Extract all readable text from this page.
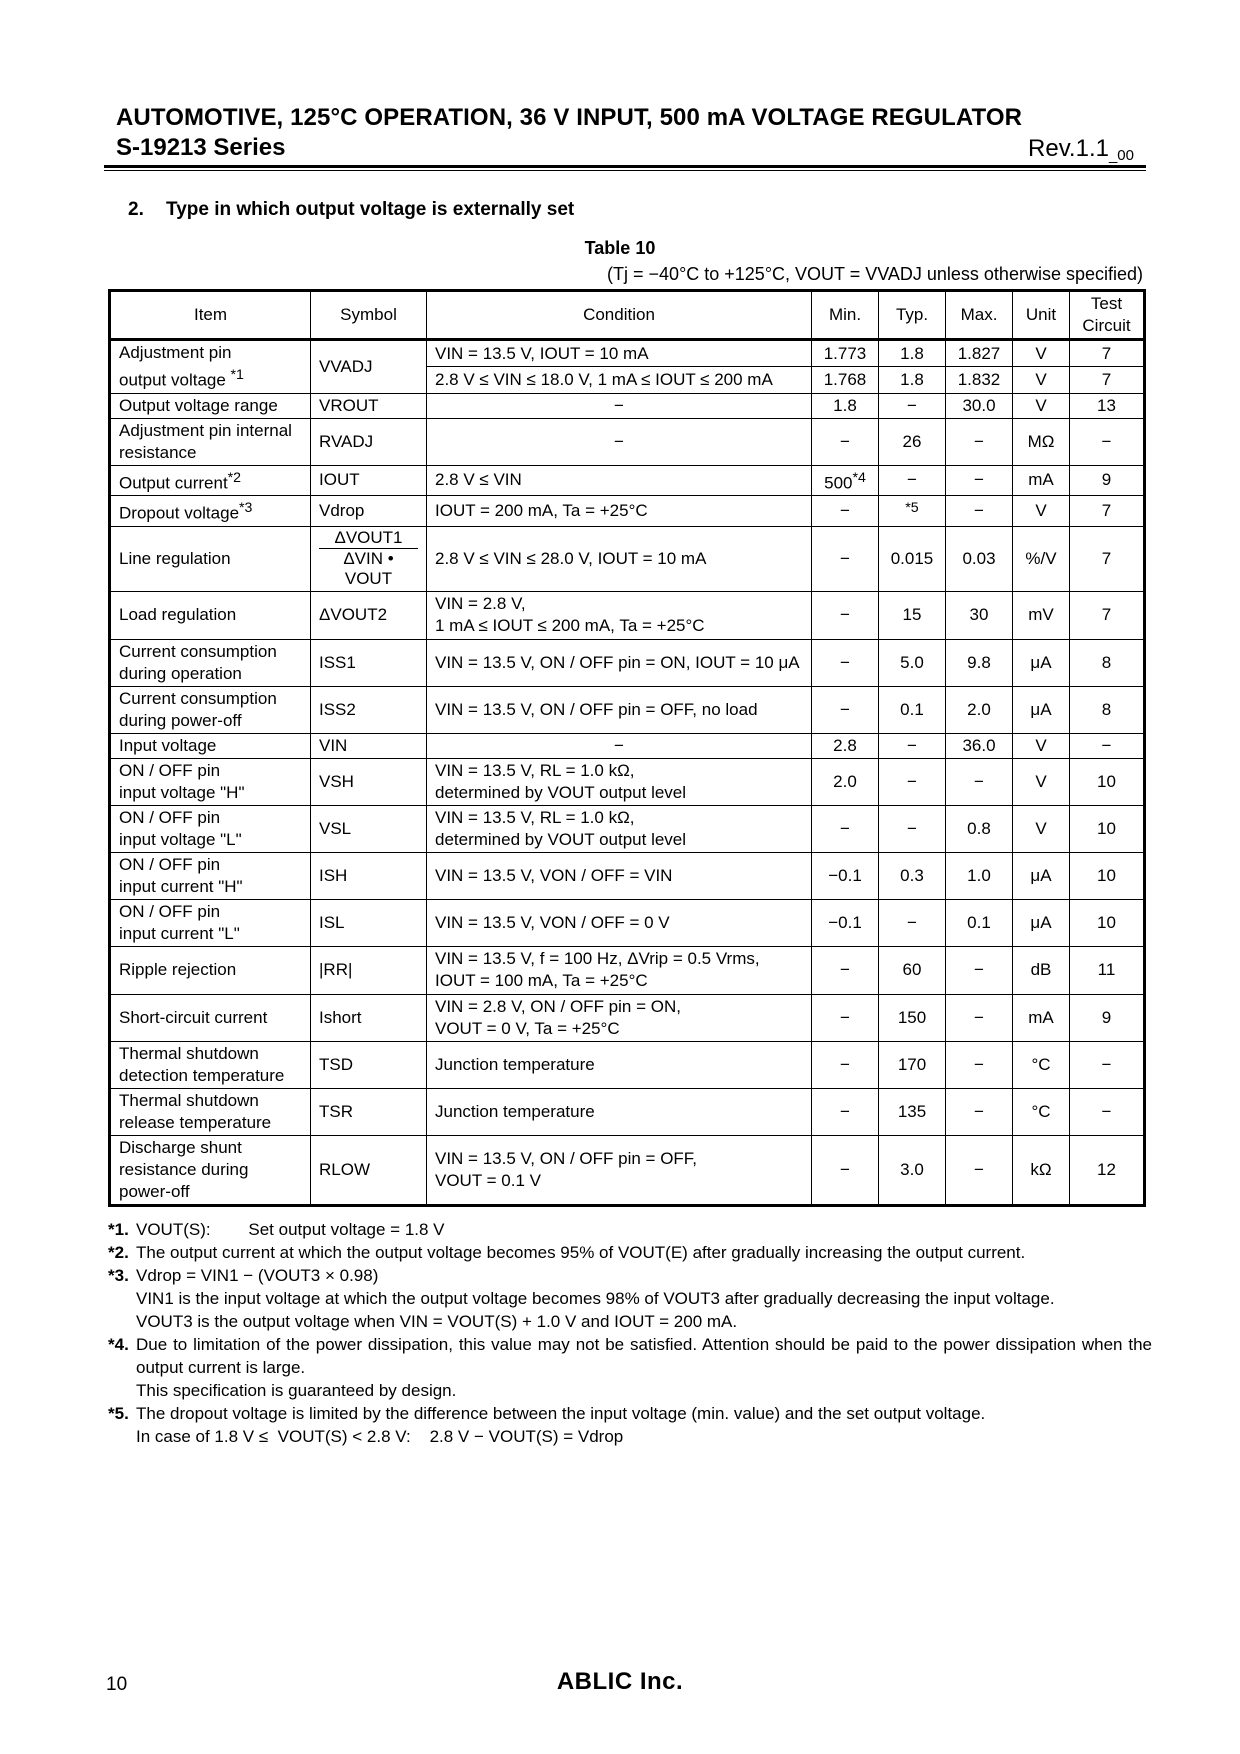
AUTOMOTIVE, 125°C OPERATION, 36 V INPUT, 500 mA VOLTAGE REGULATOR
S-19213 Series	$Rev.1.1_{\_00}$
2. Type in which output voltage is externally set
Table 10
(Tj = −40°C to +125°C, VOUT = VVADJ unless otherwise specified)
Item	Symbol	Condition	Min.	Typ.	Max.	Unit	Test
Circuit
Adjustment pin
output voltage $^{*1}$	VVADJ	VIN = 13.5 V, IOUT = 10 mA	1.773	1.8	1.827	V	7
		2.8 V ≤ VIN ≤ 18.0 V, 1 mA ≤ IOUT ≤ 200 mA	1.768	1.8	1.832	V	7
Output voltage range	VROUT	−	1.8	−	30.0	V	13
Adjustment pin internal
resistance	RVADJ	−	−	26	−	MΩ	−
Output current$^{*2}$	IOUT	2.8 V ≤ VIN	$500^{*4}$	−	−	mA	9
Dropout voltage$^{*3}$	Vdrop	IOUT = 200 mA, Ta = +25°C	−	$^{*5}$	−	V	7
Line regulation	$\frac{\text{ΔVOUT1}}{\text{ΔVIN • VOUT}}$	2.8 V ≤ VIN ≤ 28.0 V, IOUT = 10 mA	−	0.015	0.03	%/V	7
Load regulation	ΔVOUT2	VIN = 2.8 V,
1 mA ≤ IOUT ≤ 200 mA, Ta = +25°C	−	15	30	mV	7
Current consumption
during operation	ISS1	VIN = 13.5 V, ON / OFF pin = ON, IOUT = 10 μA	−	5.0	9.8	μA	8
Current consumption
during power-off	ISS2	VIN = 13.5 V, ON / OFF pin = OFF, no load	−	0.1	2.0	μA	8
Input voltage	VIN	−	2.8	−	36.0	V	−
ON / OFF pin
input voltage "H"	VSH	VIN = 13.5 V, RL = 1.0 kΩ,
determined by VOUT output level	2.0	−	−	V	10
ON / OFF pin
input voltage "L"	VSL	VIN = 13.5 V, RL = 1.0 kΩ,
determined by VOUT output level	−	−	0.8	V	10
ON / OFF pin
input current "H"	ISH	VIN = 13.5 V, VON / OFF = VIN	−0.1	0.3	1.0	μA	10
ON / OFF pin
input current "L"	ISL	VIN = 13.5 V, VON / OFF = 0 V	−0.1	−	0.1	μA	10
Ripple rejection	|RR|	VIN = 13.5 V, f = 100 Hz, ΔVrip = 0.5 Vrms,
IOUT = 100 mA, Ta = +25°C	−	60	−	dB	11
Short-circuit current	Ishort	VIN = 2.8 V, ON / OFF pin = ON,
VOUT = 0 V, Ta = +25°C	−	150	−	mA	9
Thermal shutdown
detection temperature	TSD	Junction temperature	−	170	−	°C	−
Thermal shutdown
release temperature	TSR	Junction temperature	−	135	−	°C	−
Discharge shunt
resistance during
power-off	RLOW	VIN = 13.5 V, ON / OFF pin = OFF,
VOUT = 0.1 V	−	3.0	−	kΩ	12
*1. VOUT(S):        Set output voltage = 1.8 V
*2. The output current at which the output voltage becomes 95% of VOUT(E) after gradually increasing the output current.
*3. Vdrop = VIN1 − (VOUT3 × 0.98)
VIN1 is the input voltage at which the output voltage becomes 98% of VOUT3 after gradually decreasing the input voltage.
VOUT3 is the output voltage when VIN = VOUT(S) + 1.0 V and IOUT = 200 mA.
*4. Due to limitation of the power dissipation, this value may not be satisfied. Attention should be paid to the power dissipation when the output current is large.
This specification is guaranteed by design.
*5. The dropout voltage is limited by the difference between the input voltage (min. value) and the set output voltage.
In case of 1.8 V ≤  VOUT(S) < 2.8 V:    2.8 V − VOUT(S) = Vdrop
10	ABLIC Inc.
